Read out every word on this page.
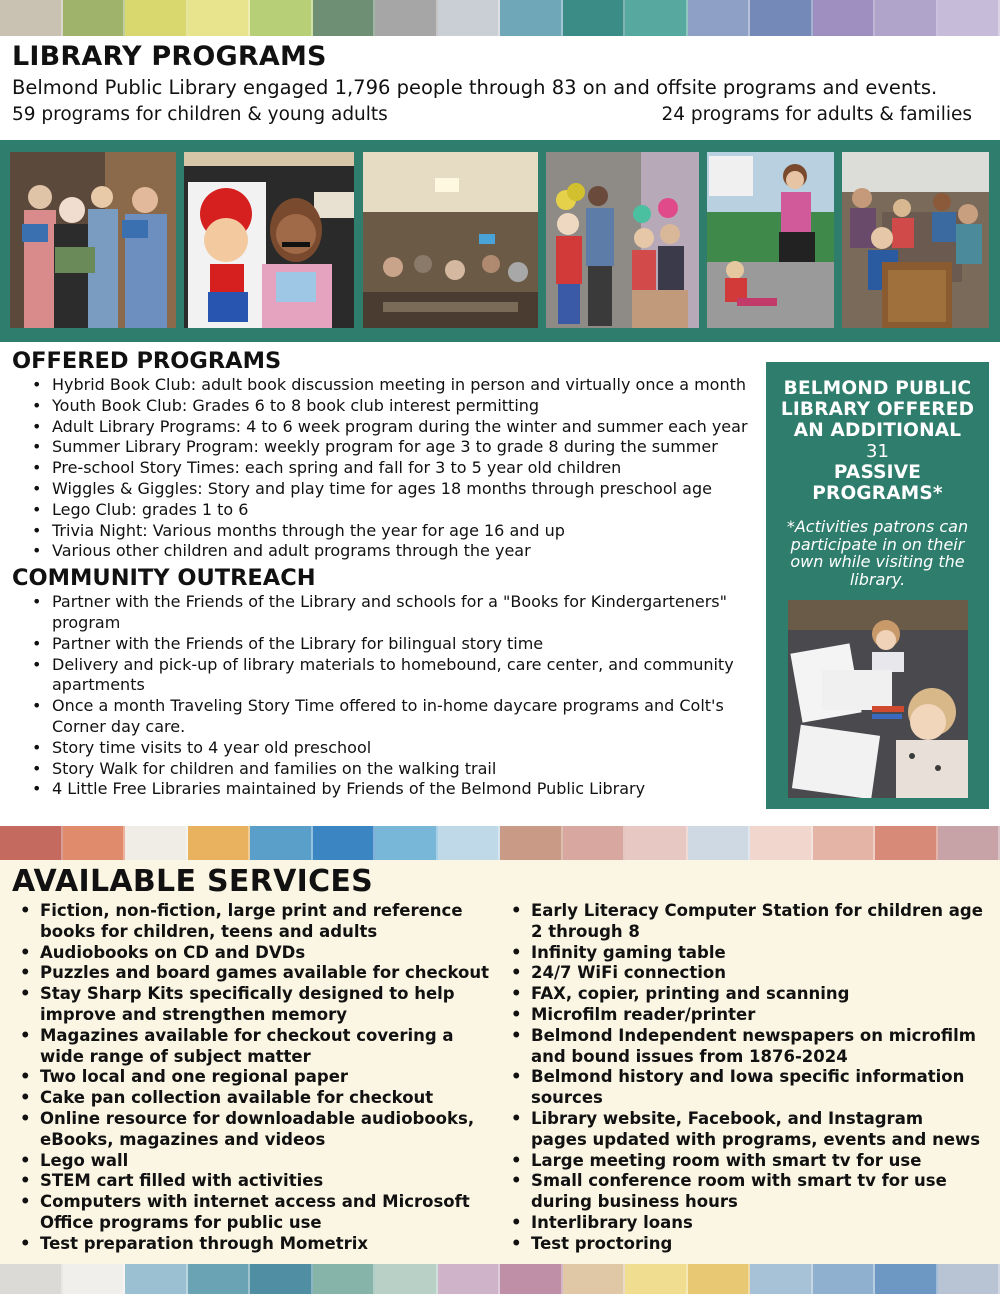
LIBRARY PROGRAMS
Belmond Public Library engaged 1,796 people through 83 on and offsite programs and events.
59 programs for children & young adults	24 programs for adults & families
OFFERED PROGRAMS
• Hybrid Book Club: adult book discussion meeting in person and virtually once a month
• Youth Book Club: Grades 6 to 8 book club interest permitting
• Adult Library Programs: 4 to 6 week program during the winter and summer each year
• Summer Library Program: weekly program for age 3 to grade 8 during the summer
• Pre-school Story Times: each spring and fall for 3 to 5 year old children
• Wiggles & Giggles: Story and play time for ages 18 months through preschool age
• Lego Club: grades 1 to 6
• Trivia Night: Various months through the year for age 16 and up
• Various other children and adult programs through the year
COMMUNITY OUTREACH
• Partner with the Friends of the Library and schools for a "Books for Kindergarteners" program
• Partner with the Friends of the Library for bilingual story time
• Delivery and pick-up of library materials to homebound, care center, and community apartments
• Once a month Traveling Story Time offered to in-home daycare programs and Colt's Corner day care.
• Story time visits to 4 year old preschool
• Story Walk for children and families on the walking trail
• 4 Little Free Libraries maintained by Friends of the Belmond Public Library
BELMOND PUBLIC
LIBRARY OFFERED
AN ADDITIONAL
31
PASSIVE
PROGRAMS*
*Activities patrons can participate in on their own while visiting the library.
AVAILABLE SERVICES
• Fiction, non-fiction, large print and reference books for children, teens and adults
• Audiobooks on CD and DVDs
• Puzzles and board games available for checkout
• Stay Sharp Kits specifically designed to help improve and strengthen memory
• Magazines available for checkout covering a wide range of subject matter
• Two local and one regional paper
• Cake pan collection available for checkout
• Online resource for downloadable audiobooks, eBooks, magazines and videos
• Lego wall
• STEM cart filled with activities
• Computers with internet access and Microsoft Office programs for public use
• Test preparation through Mometrix
• Early Literacy Computer Station for children age 2 through 8
• Infinity gaming table
• 24/7 WiFi connection
• FAX, copier, printing and scanning
• Microfilm reader/printer
• Belmond Independent newspapers on microfilm and bound issues from 1876-2024
• Belmond history and Iowa specific information sources
• Library website, Facebook, and Instagram pages updated with programs, events and news
• Large meeting room with smart tv for use
• Small conference room with smart tv for use during business hours
• Interlibrary loans
• Test proctoring
